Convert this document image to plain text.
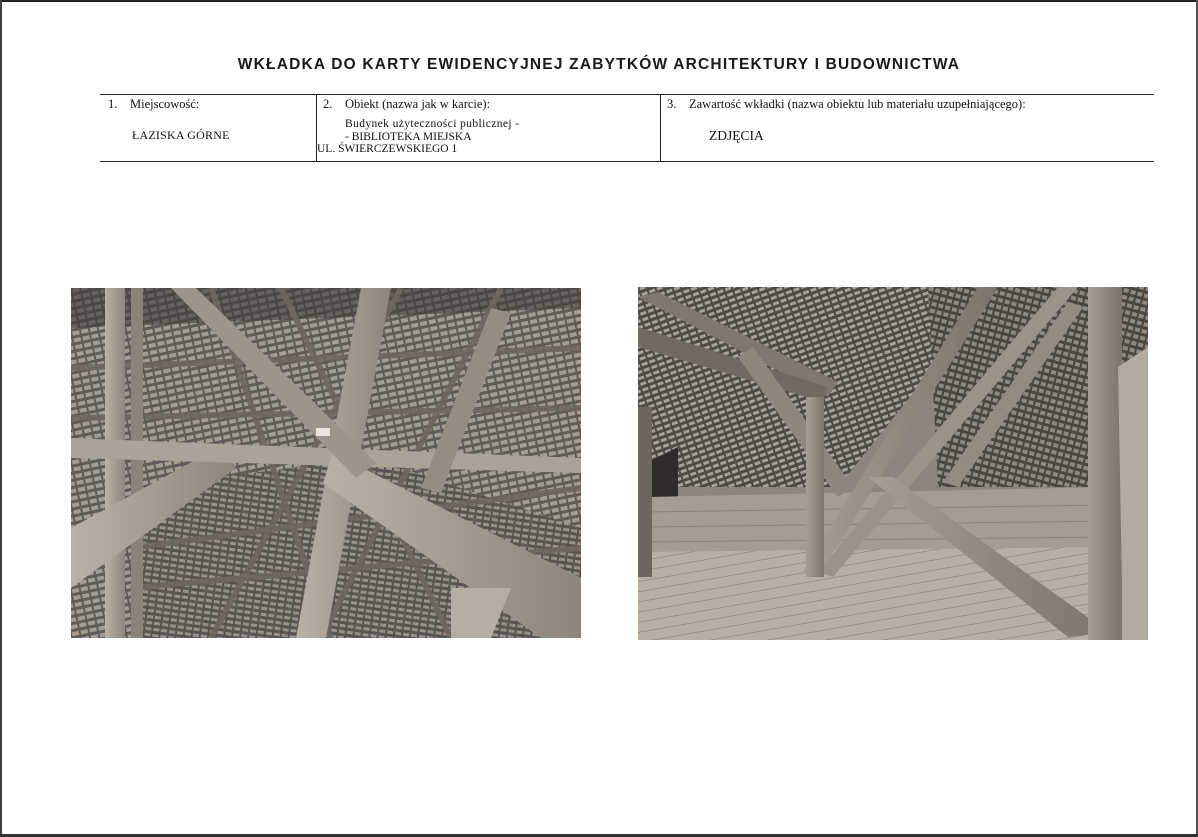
WKŁADKA DO KARTY EWIDENCYJNEJ ZABYTKÓW ARCHITEKTURY I BUDOWNICTWA
1. Miejscowość:
ŁAZISKA GÓRNE
2. Obiekt (nazwa jak w karcie):
Budynek użyteczności publicznej -
- BIBLIOTEKA MIEJSKA
UL. ŚWIERCZEWSKIEGO 1
3. Zawartość wkładki (nazwa obiektu lub materiału uzupełniającego):
ZDJĘCIA
